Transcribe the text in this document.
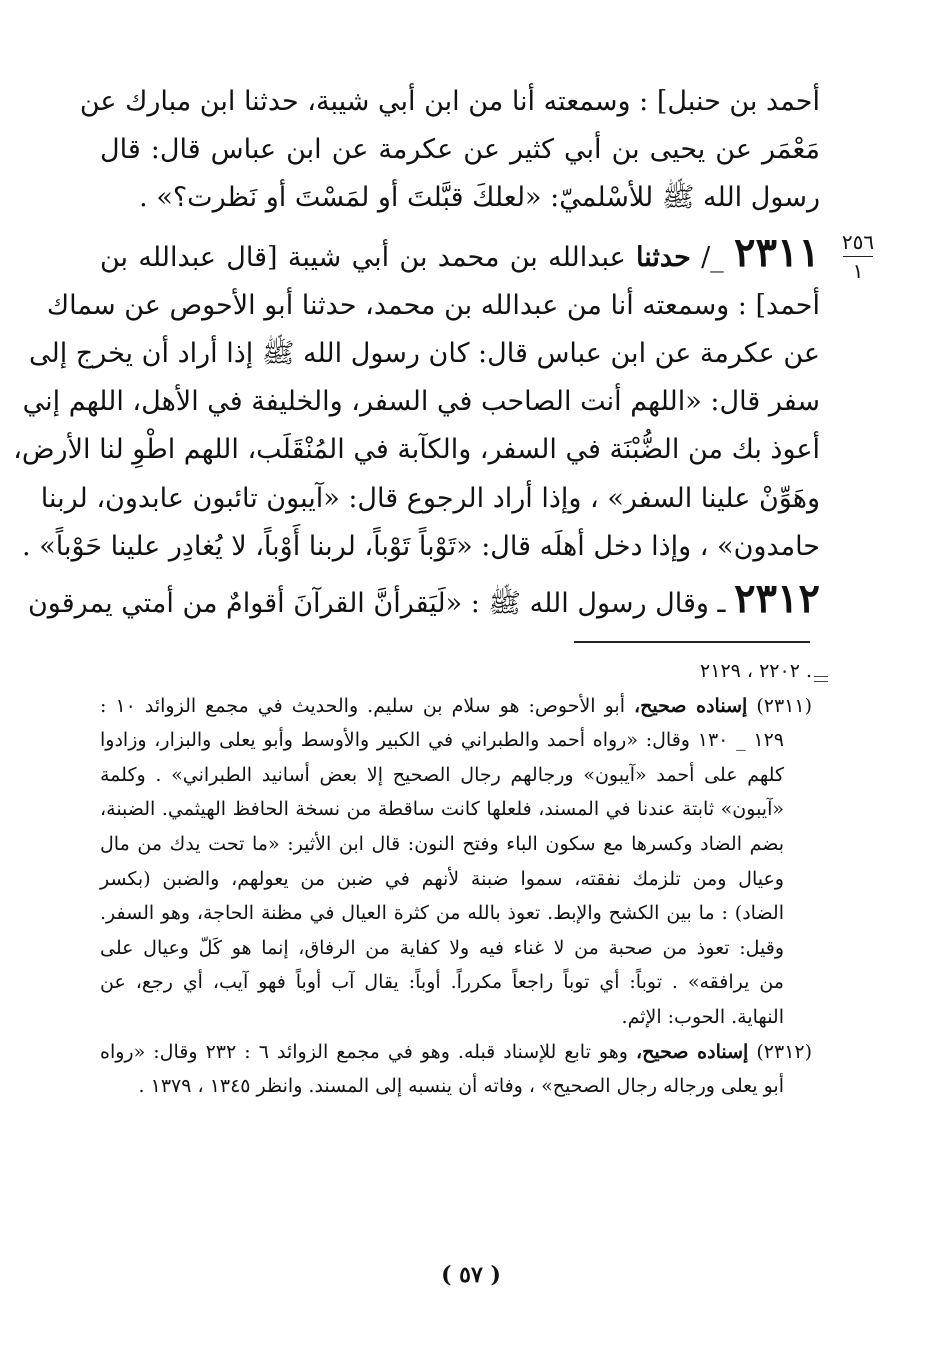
أحمد بن حنبل] : وسمعته أنا من ابن أبي شيبة، حدثنا ابن مبارك عن
مَعْمَر عن يحيى بن أبي كثير عن عكرمة عن ابن عباس قال: قال
رسول الله ﷺ للأسْلميّ: «لعلكَ قبَّلتَ أو لمَسْتَ أو نَظرت؟» .
٢٣١١ _/ حدثنا عبدالله بن محمد بن أبي شيبة [قال عبدالله بن
أحمد] : وسمعته أنا من عبدالله بن محمد، حدثنا أبو الأحوص عن سماك
عن عكرمة عن ابن عباس قال: كان رسول الله ﷺ إذا أراد أن يخرج إلى
سفر قال: «اللهم أنت الصاحب في السفر، والخليفة في الأهل، اللهم إني
أعوذ بك من الضُّبْنَة في السفر، والكآبة في المُنْقَلَب، اللهم اطْوِ لنا الأرض،
وهَوِّنْ علينا السفر» ، وإذا أراد الرجوع قال: «آيبون تائبون عابدون، لربنا
حامدون» ، وإذا دخل أهلَه قال: «تَوْباً تَوْباً، لربنا أَوْباً، لا يُغادِر علينا حَوْباً» .
٢٣١٢ ـ وقال رسول الله ﷺ : «لَيَقرأنَّ القرآنَ أقوامٌ من أمتي يمرقون
٢٥٦
١
. ٢٢٠٢ ، ٢١٢٩
(٢٣١١) إسناده صحيح، أبو الأحوص: هو سلام بن سليم. والحديث في مجمع الزوائد ١٠ :
١٢٩ _ ١٣٠ وقال: «رواه أحمد والطبراني في الكبير والأوسط وأبو يعلى والبزار، وزادوا
كلهم على أحمد «آيبون» ورجالهم رجال الصحيح إلا بعض أسانيد الطبراني» . وكلمة
«آيبون» ثابتة عندنا في المسند، فلعلها كانت ساقطة من نسخة الحافظ الهيثمي. الضبنة،
بضم الضاد وكسرها مع سكون الباء وفتح النون: قال ابن الأثير: «ما تحت يدك من مال
وعيال ومن تلزمك نفقته، سموا ضبنة لأنهم في ضبن من يعولهم، والضبن (بكسر
الضاد) : ما بين الكشح والإبط. تعوذ بالله من كثرة العيال في مظنة الحاجة، وهو السفر.
وقيل: تعوذ من صحبة من لا غناء فيه ولا كفاية من الرفاق، إنما هو كَلّ وعيال على
من يرافقه» . توباً: أي توباً راجعاً مكرراً. أوباً: يقال آب أوباً فهو آيب، أي رجع، عن
النهاية. الحوب: الإثم.
(٢٣١٢) إسناده صحيح، وهو تابع للإسناد قبله. وهو في مجمع الزوائد ٦ : ٢٣٢ وقال: «رواه
أبو يعلى ورجاله رجال الصحيح» ، وفاته أن ينسبه إلى المسند. وانظر ١٣٤٥ ، ١٣٧٩ .
( ٥٧ )
